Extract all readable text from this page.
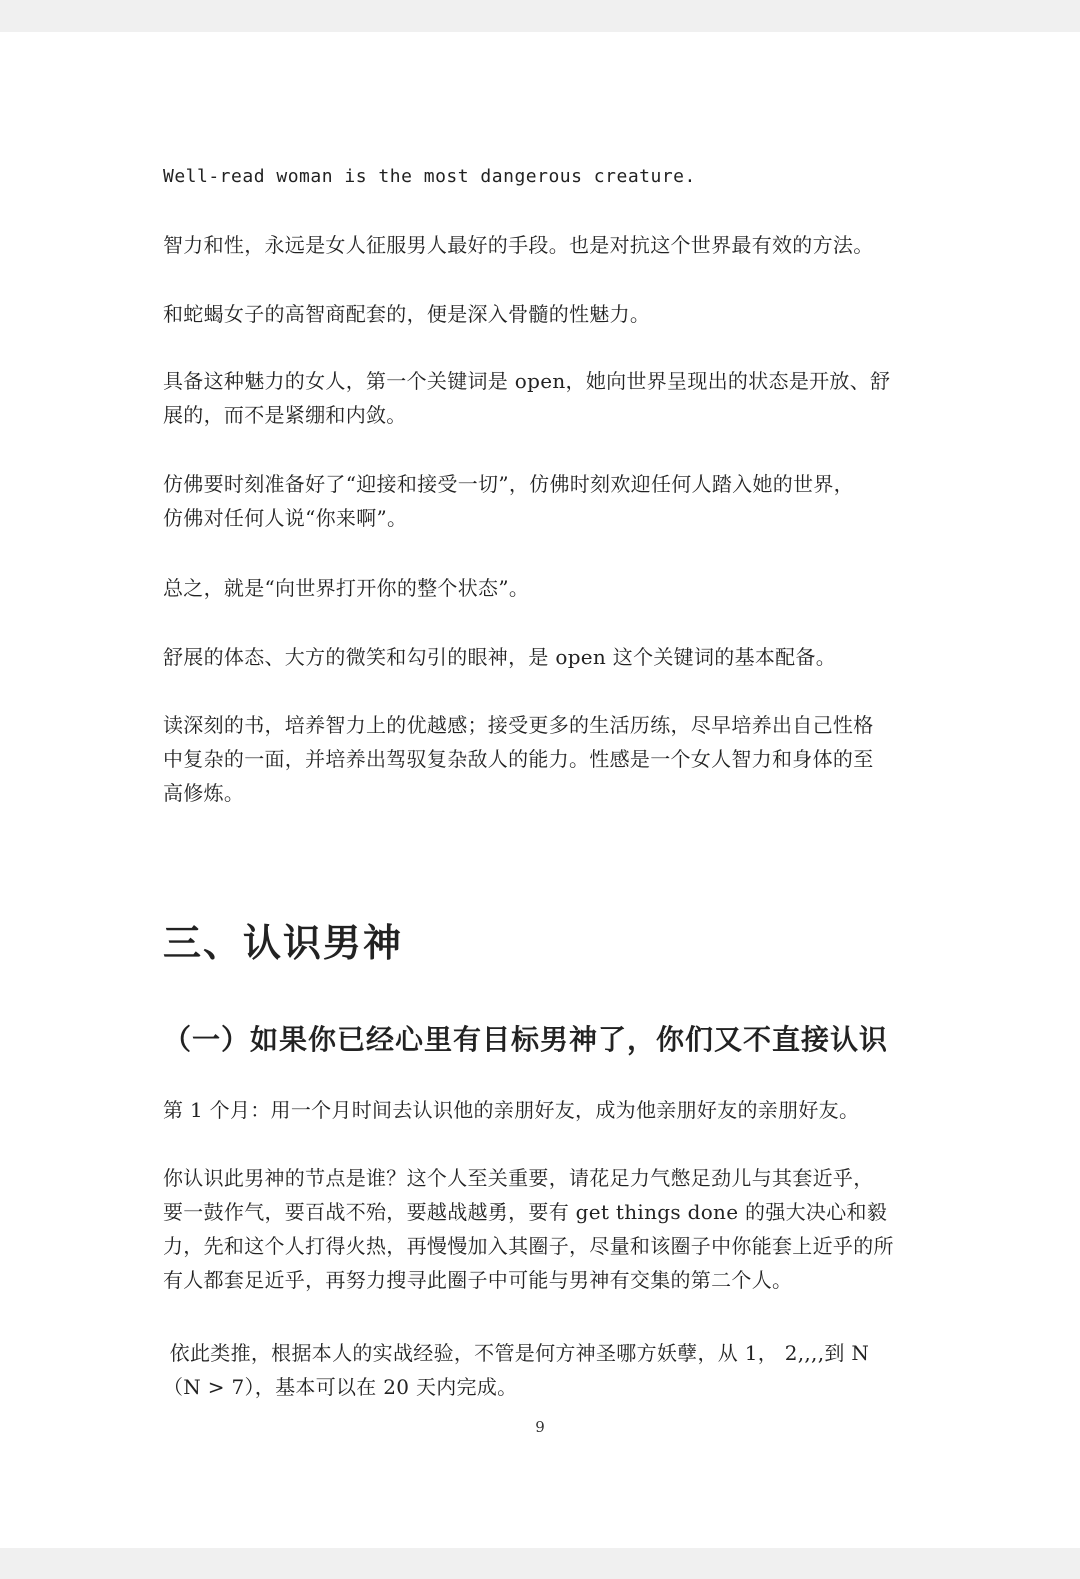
Well-read woman is the most dangerous creature.

智力和性，永远是女人征服男人最好的手段。也是对抗这个世界最有效的方法。

和蛇蝎女子的高智商配套的，便是深入骨髓的性魅力。

具备这种魅力的女人，第一个关键词是 open，她向世界呈现出的状态是开放、舒
展的，而不是紧绷和内敛。

仿佛要时刻准备好了“迎接和接受一切”，仿佛时刻欢迎任何人踏入她的世界，
仿佛对任何人说“你来啊”。

总之，就是“向世界打开你的整个状态”。

舒展的体态、大方的微笑和勾引的眼神，是 open 这个关键词的基本配备。

读深刻的书，培养智力上的优越感；接受更多的生活历练，尽早培养出自己性格
中复杂的一面，并培养出驾驭复杂敌人的能力。性感是一个女人智力和身体的至
高修炼。

三、认识男神
（一）如果你已经心里有目标男神了，你们又不直接认识

第 1 个月：用一个月时间去认识他的亲朋好友，成为他亲朋好友的亲朋好友。

你认识此男神的节点是谁？这个人至关重要，请花足力气憋足劲儿与其套近乎，
要一鼓作气，要百战不殆，要越战越勇，要有 get things done 的强大决心和毅
力，先和这个人打得火热，再慢慢加入其圈子，尽量和该圈子中你能套上近乎的所
有人都套足近乎，再努力搜寻此圈子中可能与男神有交集的第二个人。

依此类推，根据本人的实战经验，不管是何方神圣哪方妖孽，从 1， 2,,,,到 N
（N > 7），基本可以在 20 天内完成。

9
